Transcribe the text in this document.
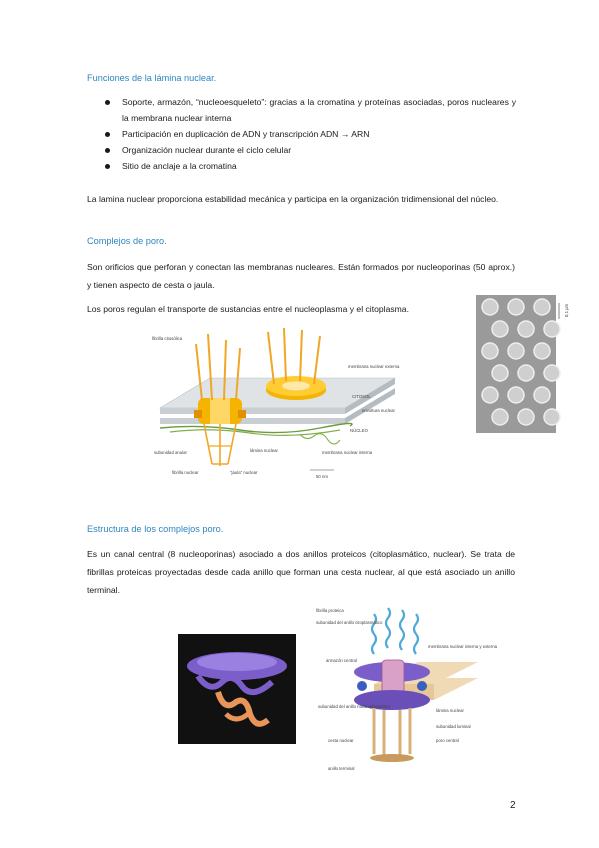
Funciones de la lámina nuclear.
Soporte, armazón, “nucleoesqueleto”: gracias a la cromatina y proteínas asociadas, poros nucleares y la membrana nuclear interna
Participación en duplicación de ADN y transcripción ADN → ARN
Organización nuclear durante el ciclo celular
Sitio de anclaje a la cromatina
La lamina nuclear proporciona estabilidad mecánica y participa en la organización tridimensional del núcleo.
Complejos de poro.
Son orificios que perforan y conectan las membranas nucleares. Están formados por nucleoporinas (50 aprox.) y tienen aspecto de cesta o jaula.
Los poros regulan el transporte de sustancias entre el nucleoplasma y el citoplasma.
fibrilla citosólica
membrana nuclear externa
CITOSOL
envoltura nuclear
NÚCLEO
membrana nuclear interna
subunidad anular
fibrilla nuclear
lámina nuclear
"jaula" nuclear
50 nm
0,1 µm
Estructura de los complejos poro.
Es un canal central (8 nucleoporinas) asociado a dos anillos proteicos (citoplasmático, nuclear). Se trata de fibrillas proteicas proyectadas desde cada anillo que forman una cesta nuclear, al que está asociado un anillo terminal.
fibrilla proteica
subunidad del anillo citoplasmático
membrana nuclear interna y externa
armazón central
lámina nuclear
subunidad luminal
subunidad del anillo nucleoplasmático
cesta nuclear	poro central
anillo terminal
2
